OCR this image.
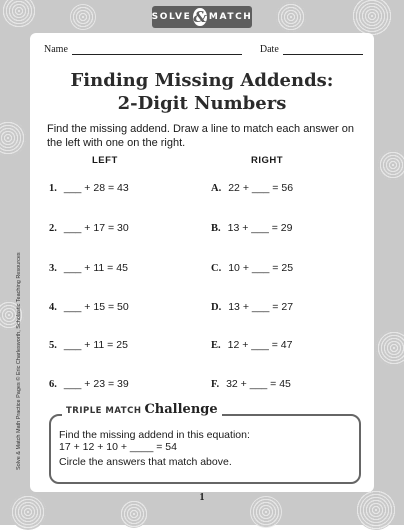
SOLVE & MATCH
Name	Date
Finding Missing Addends:
2-Digit Numbers
Find the missing addend. Draw a line to match each answer on the left with one on the right.
LEFT	RIGHT
1. ___ + 28 = 43
2. ___ + 17 = 30
3. ___ + 11 = 45
4. ___ + 15 = 50
5. ___ + 11 = 25
6. ___ + 23 = 39
A. 22 + ___ = 56
B. 13 + ___ = 29
C. 10 + ___ = 25
D. 13 + ___ = 27
E. 12 + ___ = 47
F. 32 + ___ = 45
TRIPLE MATCH Challenge
Find the missing addend in this equation:
17 + 12 + 10 + ____ = 54
Circle the answers that match above.
1
Solve & Match Math Practice Pages © Eric Charlesworth, Scholastic Teaching Resources
